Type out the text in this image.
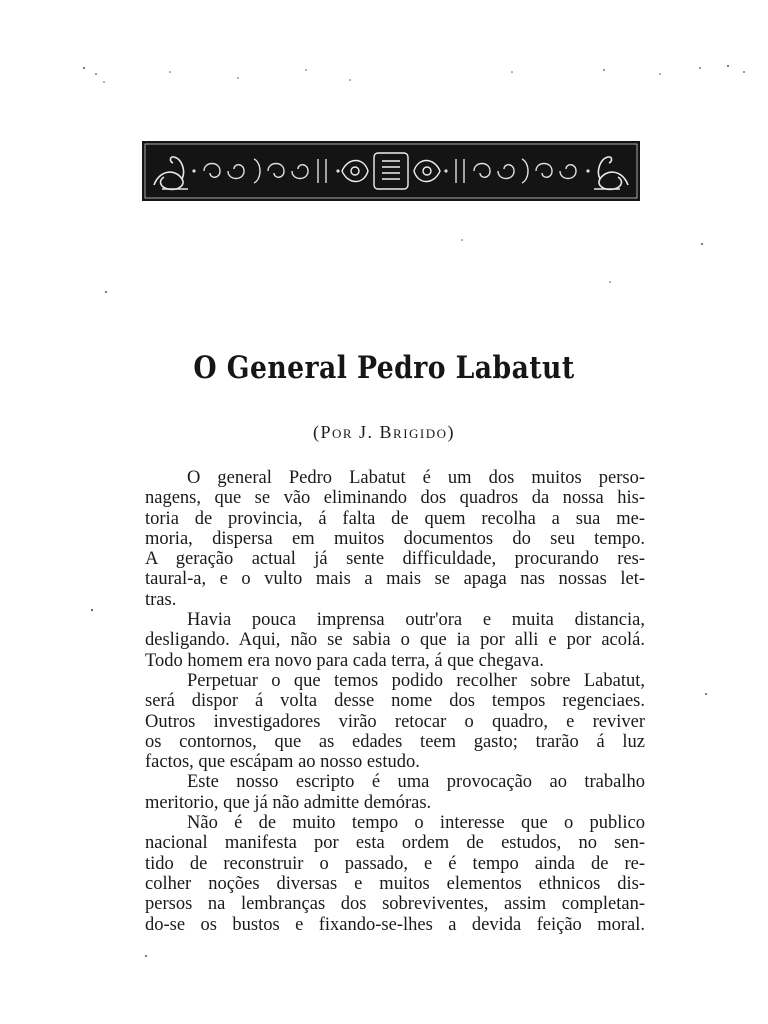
O General Pedro Labatut
(Por J. Brigido)
O general Pedro Labatut é um dos muitos perso-
nagens, que se vão eliminando dos quadros da nossa his-
toria de provincia, á falta de quem recolha a sua me-
moria, dispersa em muitos documentos do seu tempo.
A geração actual já sente difficuldade, procurando res-
taural-a, e o vulto mais a mais se apaga nas nossas let-
tras.
Havia pouca imprensa outr'ora e muita distancia,
desligando. Aqui, não se sabia o que ia por alli e por acolá.
Todo homem era novo para cada terra, á que chegava.
Perpetuar o que temos podido recolher sobre Labatut,
será dispor á volta desse nome dos tempos regenciaes.
Outros investigadores virão retocar o quadro, e reviver
os contornos, que as edades teem gasto; trarão á luz
factos, que escápam ao nosso estudo.
Este nosso escripto é uma provocação ao trabalho
meritorio, que já não admitte demóras.
Não é de muito tempo o interesse que o publico
nacional manifesta por esta ordem de estudos, no sen-
tido de reconstruir o passado, e é tempo ainda de re-
colher noções diversas e muitos elementos ethnicos dis-
persos na lembranças dos sobreviventes, assim completan-
do-se os bustos e fixando-se-lhes a devida feição moral.
